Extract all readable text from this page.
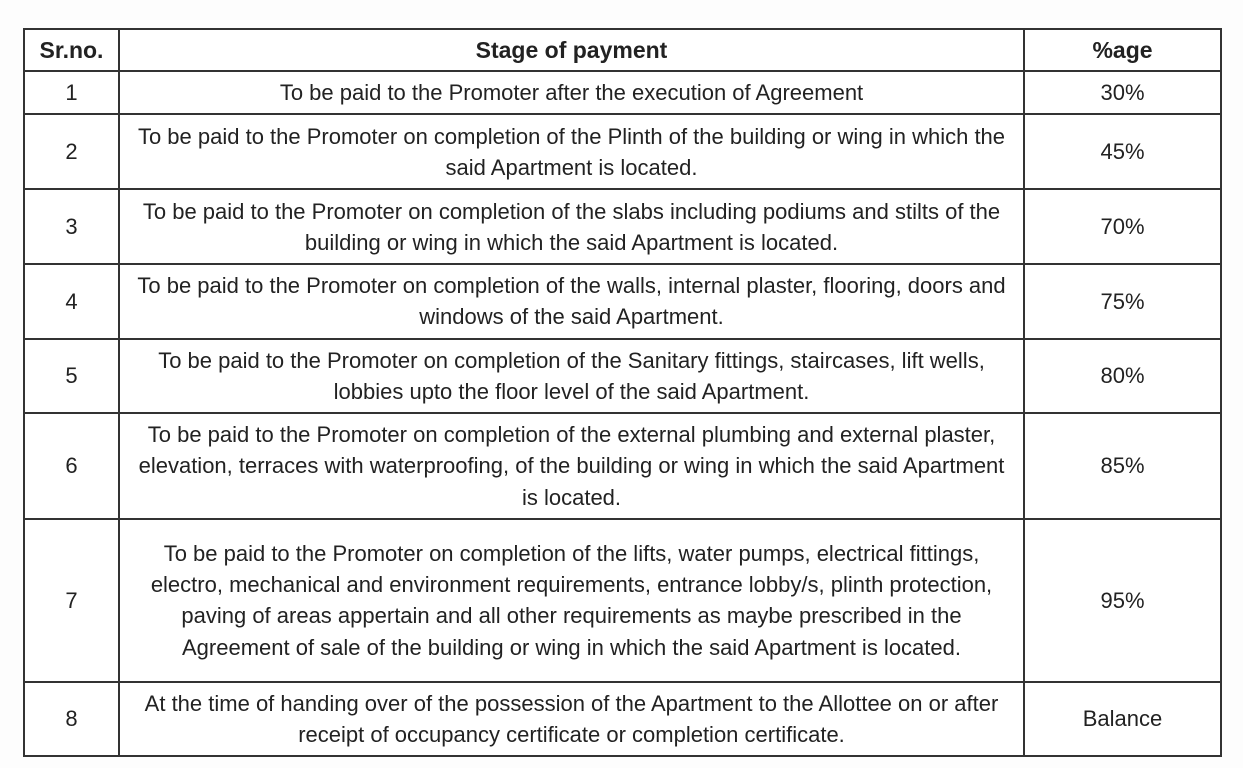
Sr.no.	Stage of payment	%age
1	To be paid to the Promoter after the execution of Agreement	30%
2	To be paid to the Promoter on completion of the Plinth of the building or wing in which the said Apartment is located.	45%
3	To be paid to the Promoter on completion of the slabs including podiums and stilts of the building or wing in which the said Apartment is located.	70%
4	To be paid to the Promoter on completion of the walls, internal plaster, flooring, doors and windows of the said Apartment.	75%
5	To be paid to the Promoter on completion of the Sanitary fittings, staircases, lift wells, lobbies upto the floor level of the said Apartment.	80%
6	To be paid to the Promoter on completion of the external plumbing and external plaster, elevation, terraces with waterproofing, of the building or wing in which the said Apartment is located.	85%
7	To be paid to the Promoter on completion of the lifts, water pumps, electrical fittings, electro, mechanical and environment requirements, entrance lobby/s, plinth protection, paving of areas appertain and all other requirements as maybe prescribed in the Agreement of sale of the building or wing in which the said Apartment is located.	95%
8	At the time of handing over of the possession of the Apartment to the Allottee on or after receipt of occupancy certificate or completion certificate.	Balance
